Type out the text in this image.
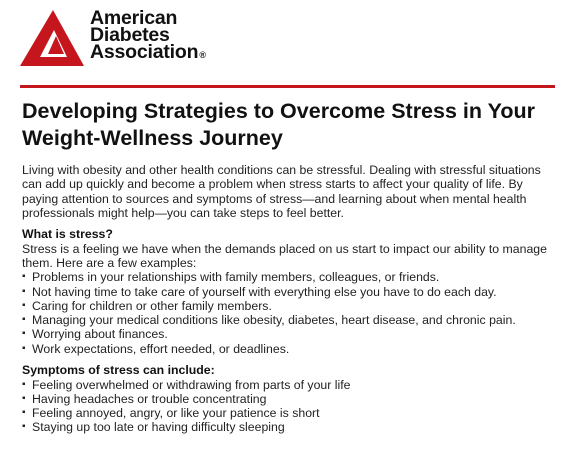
American
Diabetes
Association®
Developing Strategies to Overcome Stress in Your Weight-Wellness Journey

Living with obesity and other health conditions can be stressful. Dealing with stressful situations can add up quickly and become a problem when stress starts to affect your quality of life. By paying attention to sources and symptoms of stress—and learning about when mental health professionals might help—you can take steps to feel better.

What is stress?

Stress is a feeling we have when the demands placed on us start to impact our ability to manage them. Here are a few examples:

▪ Problems in your relationships with family members, colleagues, or friends.
▪ Not having time to take care of yourself with everything else you have to do each day.
▪ Caring for children or other family members.
▪ Managing your medical conditions like obesity, diabetes, heart disease, and chronic pain.
▪ Worrying about finances.
▪ Work expectations, effort needed, or deadlines.
Symptoms of stress can include:
▪ Feeling overwhelmed or withdrawing from parts of your life
▪ Having headaches or trouble concentrating
▪ Feeling annoyed, angry, or like your patience is short
▪ Staying up too late or having difficulty sleeping
